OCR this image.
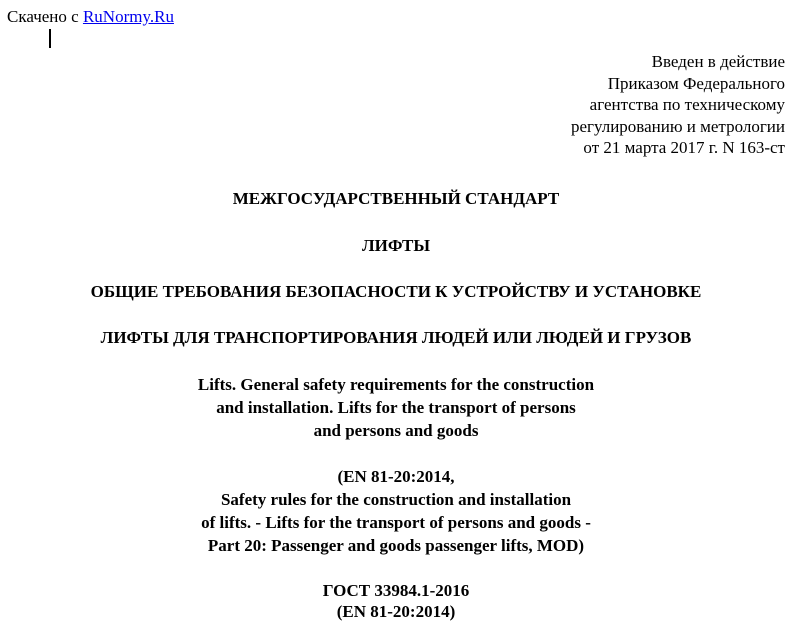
Скачено с RuNormy.Ru
Введен в действие
Приказом Федерального
агентства по техническому
регулированию и метрологии
от 21 марта 2017 г. N 163-ст
МЕЖГОСУДАРСТВЕННЫЙ СТАНДАРТ
ЛИФТЫ
ОБЩИЕ ТРЕБОВАНИЯ БЕЗОПАСНОСТИ К УСТРОЙСТВУ И УСТАНОВКЕ
ЛИФТЫ ДЛЯ ТРАНСПОРТИРОВАНИЯ ЛЮДЕЙ ИЛИ ЛЮДЕЙ И ГРУЗОВ
Lifts. General safety requirements for the construction
and installation. Lifts for the transport of persons
and persons and goods
(EN 81-20:2014,
Safety rules for the construction and installation
of lifts. - Lifts for the transport of persons and goods -
Part 20: Passenger and goods passenger lifts, MOD)
ГОСТ 33984.1-2016
(EN 81-20:2014)
